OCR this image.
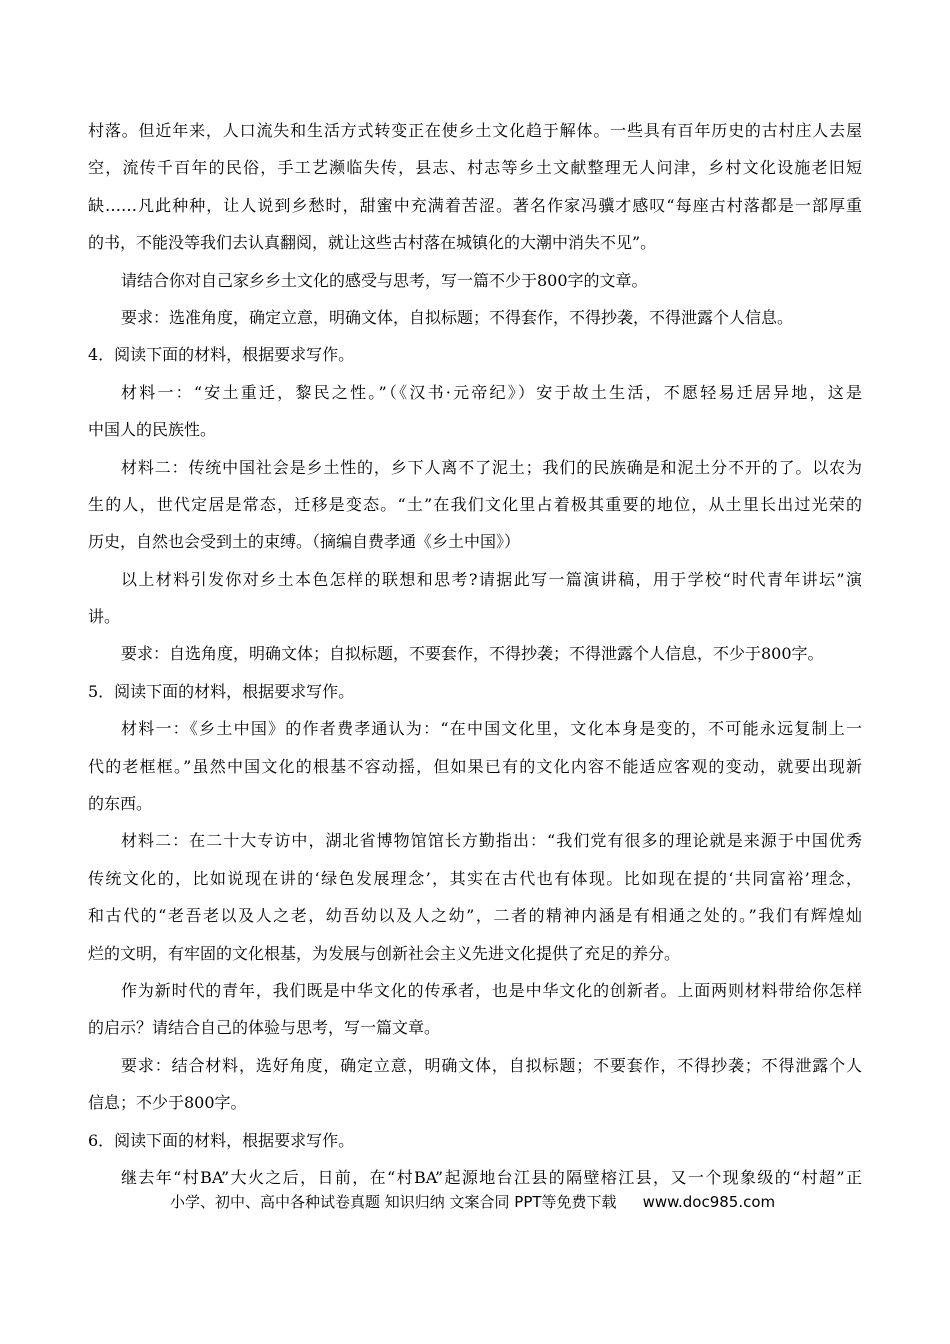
村落。但近年来，人口流失和生活方式转变正在使乡土文化趋于解体。一些具有百年历史的古村庄人去屋
空，流传千百年的民俗，手工艺濒临失传，县志、村志等乡土文献整理无人问津，乡村文化设施老旧短
缺……凡此种种，让人说到乡愁时，甜蜜中充满着苦涩。著名作家冯骥才感叹“每座古村落都是一部厚重
的书，不能没等我们去认真翻阅，就让这些古村落在城镇化的大潮中消失不见”。
请结合你对自己家乡乡土文化的感受与思考，写一篇不少于800字的文章。
要求：选准角度，确定立意，明确文体，自拟标题；不得套作，不得抄袭，不得泄露个人信息。
4．阅读下面的材料，根据要求写作。
材料一：“安土重迁，黎民之性。”（《汉书·元帝纪》）安于故土生活，不愿轻易迁居异地，这是
中国人的民族性。
材料二：传统中国社会是乡土性的，乡下人离不了泥土；我们的民族确是和泥土分不开的了。以农为
生的人，世代定居是常态，迁移是变态。“土”在我们文化里占着极其重要的地位，从土里长出过光荣的
历史，自然也会受到土的束缚。（摘编自费孝通《乡土中国》）
以上材料引发你对乡土本色怎样的联想和思考?请据此写一篇演讲稿，用于学校“时代青年讲坛”演
讲。
要求：自选角度，明确文体；自拟标题，不要套作，不得抄袭；不得泄露个人信息，不少于800字。
5．阅读下面的材料，根据要求写作。
材料一：《乡土中国》的作者费孝通认为：“在中国文化里，文化本身是变的，不可能永远复制上一
代的老框框。”虽然中国文化的根基不容动摇，但如果已有的文化内容不能适应客观的变动，就要出现新
的东西。
材料二：在二十大专访中，湖北省博物馆馆长方勤指出：“我们党有很多的理论就是来源于中国优秀
传统文化的，比如说现在讲的‘绿色发展理念’，其实在古代也有体现。比如现在提的‘共同富裕’理念，
和古代的“老吾老以及人之老，幼吾幼以及人之幼”，二者的精神内涵是有相通之处的。”我们有辉煌灿
烂的文明，有牢固的文化根基，为发展与创新社会主义先进文化提供了充足的养分。
作为新时代的青年，我们既是中华文化的传承者，也是中华文化的创新者。上面两则材料带给你怎样
的启示？请结合自己的体验与思考，写一篇文章。
要求：结合材料，选好角度，确定立意，明确文体，自拟标题；不要套作，不得抄袭；不得泄露个人
信息；不少于800字。
6．阅读下面的材料，根据要求写作。
继去年“村BA”大火之后，日前，在“村BA”起源地台江县的隔壁榕江县，又一个现象级的“村超”正
小学、初中、高中各种试卷真题 知识归纳 文案合同 PPT等免费下载 www.doc985.com
